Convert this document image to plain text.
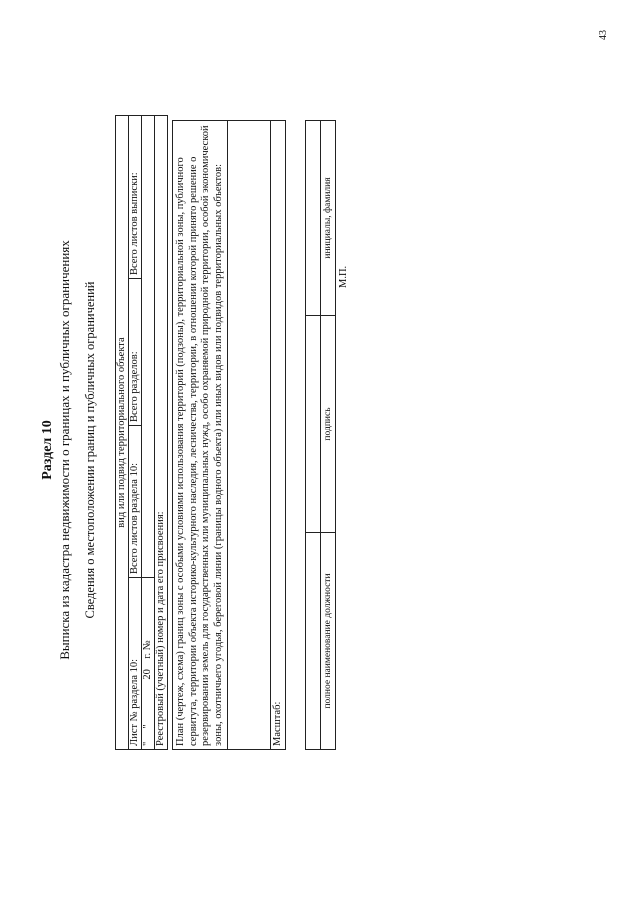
43
Раздел 10 Выписка из кадастра недвижимости о границах и публичных ограничениях Сведения о местоположении границ и публичных ограничений вид или подвид территориального объекта			
Лист № раздела 10:	Всего листов раздела 10:	Всего разделов:	Всего листов выписки:
"     "                 20    г. №			
Реестровый (учетный) номер и дата его присвоения:			План (чертеж, схема) границ зоны с особыми условиями использования территорий (подзоны), территориальной зоны, публичного сервитута, территории объекта историко-культурного наследия, лесничества, территории, в отношении которой принято решение о резервировании земель для государственных или муниципальных нужд, особо охраняемой природной территории, особой экономической зоны, охотничьего угодья, береговой линии (границы водного объекта) или иных видов или подвидов территориальных объектов:	Масштаб:

полное наименование должности	подпись	инициалы, фамилия
М.П.
